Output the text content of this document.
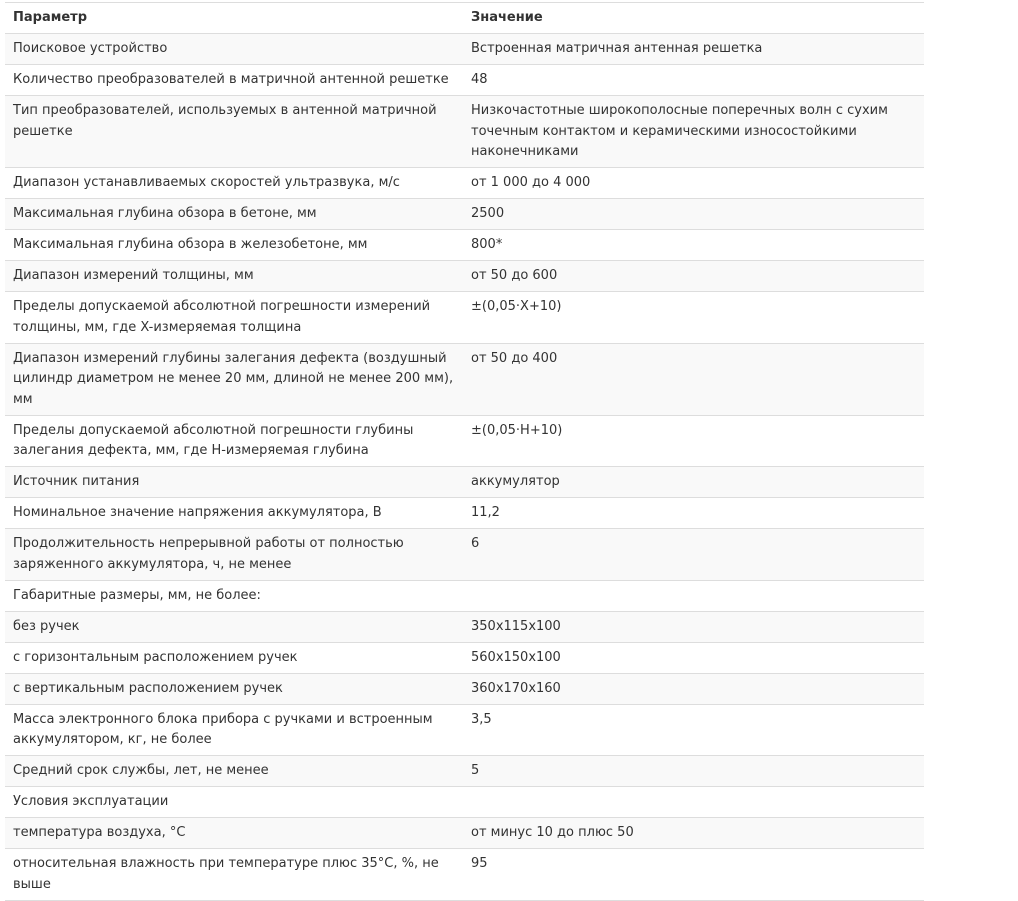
Параметр	Значение
Поисковое устройство	Встроенная матричная антенная решетка
Количество преобразователей в матричной антенной решетке	48
Тип преобразователей, используемых в антенной матричной решетке	Низкочастотные широкополосные поперечных волн с сухим точечным контактом и керамическими износостойкими наконечниками
Диапазон устанавливаемых скоростей ультразвука, м/с	от 1 000 до 4 000
Максимальная глубина обзора в бетоне, мм	2500
Максимальная глубина обзора в железобетоне, мм	800*
Диапазон измерений толщины, мм	от 50 до 600
Пределы допускаемой абсолютной погрешности измерений толщины, мм, где X-измеряемая толщина	±(0,05·X+10)
Диапазон измерений глубины залегания дефекта (воздушный цилиндр диаметром не менее 20 мм, длиной не менее 200 мм), мм	от 50 до 400
Пределы допускаемой абсолютной погрешности глубины залегания дефекта, мм, где H-измеряемая глубина	±(0,05·H+10)
Источник питания	аккумулятор
Номинальное значение напряжения аккумулятора, В	11,2
Продолжительность непрерывной работы от полностью заряженного аккумулятора, ч, не менее	6
Габаритные размеры, мм, не более:	
без ручек	350x115x100
с горизонтальным расположением ручек	560x150x100
с вертикальным расположением ручек	360x170x160
Масса электронного блока прибора с ручками и встроенным аккумулятором, кг, не более	3,5
Средний срок службы, лет, не менее	5
Условия эксплуатации	
температура воздуха, °С	от минус 10 до плюс 50
относительная влажность при температуре плюс 35°С, %, не выше	95
